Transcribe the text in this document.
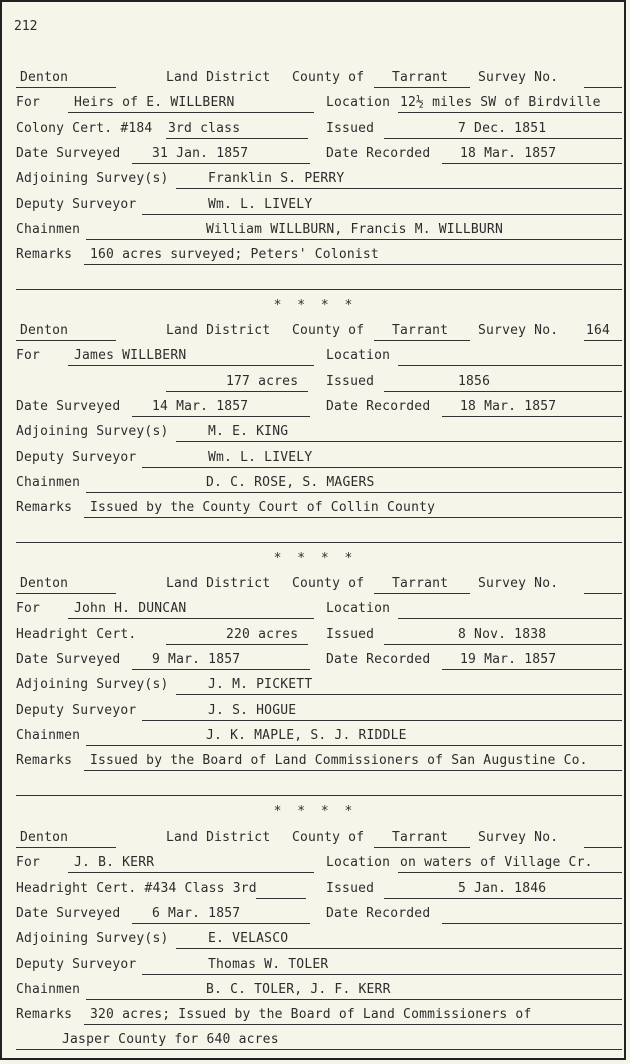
212
Denton	Land District County of	Tarrant	Survey No.
For	Heirs of E. WILLBERN	Location 12½ miles SW of Birdville
Colony Cert. #184 3rd class	Issued	7 Dec. 1851
Date Surveyed	31 Jan. 1857	Date Recorded	18 Mar. 1857
Adjoining Survey(s)	Franklin S. PERRY
Deputy Surveyor	Wm. L. LIVELY
Chainmen	William WILLBURN, Francis M. WILLBURN
Remarks	160 acres surveyed; Peters' Colonist
Denton	Land District County of	Tarrant	Survey No. 164
For	James WILLBERN	Location
177 acres	Issued	1856
Date Surveyed	14 Mar. 1857	Date Recorded	18 Mar. 1857
Adjoining Survey(s)	M. E. KING
Deputy Surveyor	Wm. L. LIVELY
Chainmen	D. C. ROSE, S. MAGERS
Remarks	Issued by the County Court of Collin County
Denton	Land District County of	Tarrant	Survey No.
For	John H. DUNCAN	Location
Headright Cert.	220 acres	Issued	8 Nov. 1838
Date Surveyed	9 Mar. 1857	Date Recorded	19 Mar. 1857
Adjoining Survey(s)	J. M. PICKETT
Deputy Surveyor	J. S. HOGUE
Chainmen	J. K. MAPLE, S. J. RIDDLE
Remarks	Issued by the Board of Land Commissioners of San Augustine Co.
Denton	Land District County of	Tarrant	Survey No.
For	J. B. KERR	Location on waters of Village Cr.
Headright Cert. #434 Class 3rd	Issued	5 Jan. 1846
Date Surveyed	6 Mar. 1857	Date Recorded
Adjoining Survey(s)	E. VELASCO
Deputy Surveyor	Thomas W. TOLER
Chainmen	B. C. TOLER, J. F. KERR
Remarks	320 acres; Issued by the Board of Land Commissioners of
Jasper County for 640 acres
* * * *
* * * *
* * * *
